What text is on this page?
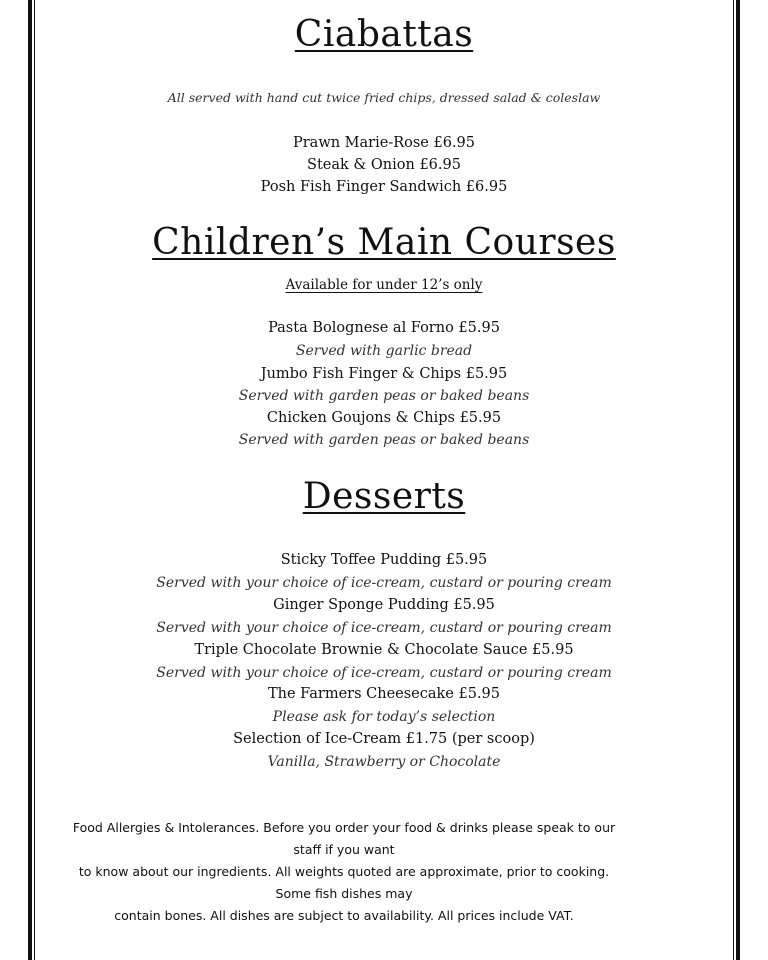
Ciabattas
All served with hand cut twice fried chips, dressed salad & coleslaw
Prawn Marie-Rose £6.95
Steak & Onion £6.95
Posh Fish Finger Sandwich £6.95
Children’s Main Courses
Available for under 12’s only
Pasta Bolognese al Forno £5.95
Served with garlic bread
Jumbo Fish Finger & Chips £5.95
Served with garden peas or baked beans
Chicken Goujons & Chips £5.95
Served with garden peas or baked beans
Desserts
Sticky Toffee Pudding £5.95
Served with your choice of ice-cream, custard or pouring cream
Ginger Sponge Pudding £5.95
Served with your choice of ice-cream, custard or pouring cream
Triple Chocolate Brownie & Chocolate Sauce £5.95
Served with your choice of ice-cream, custard or pouring cream
The Farmers Cheesecake £5.95
Please ask for today’s selection
Selection of Ice-Cream £1.75 (per scoop)
Vanilla, Strawberry or Chocolate
Food Allergies & Intolerances. Before you order your food & drinks please speak to our staff if you want
to know about our ingredients. All weights quoted are approximate, prior to cooking. Some fish dishes may
contain bones. All dishes are subject to availability. All prices include VAT.
